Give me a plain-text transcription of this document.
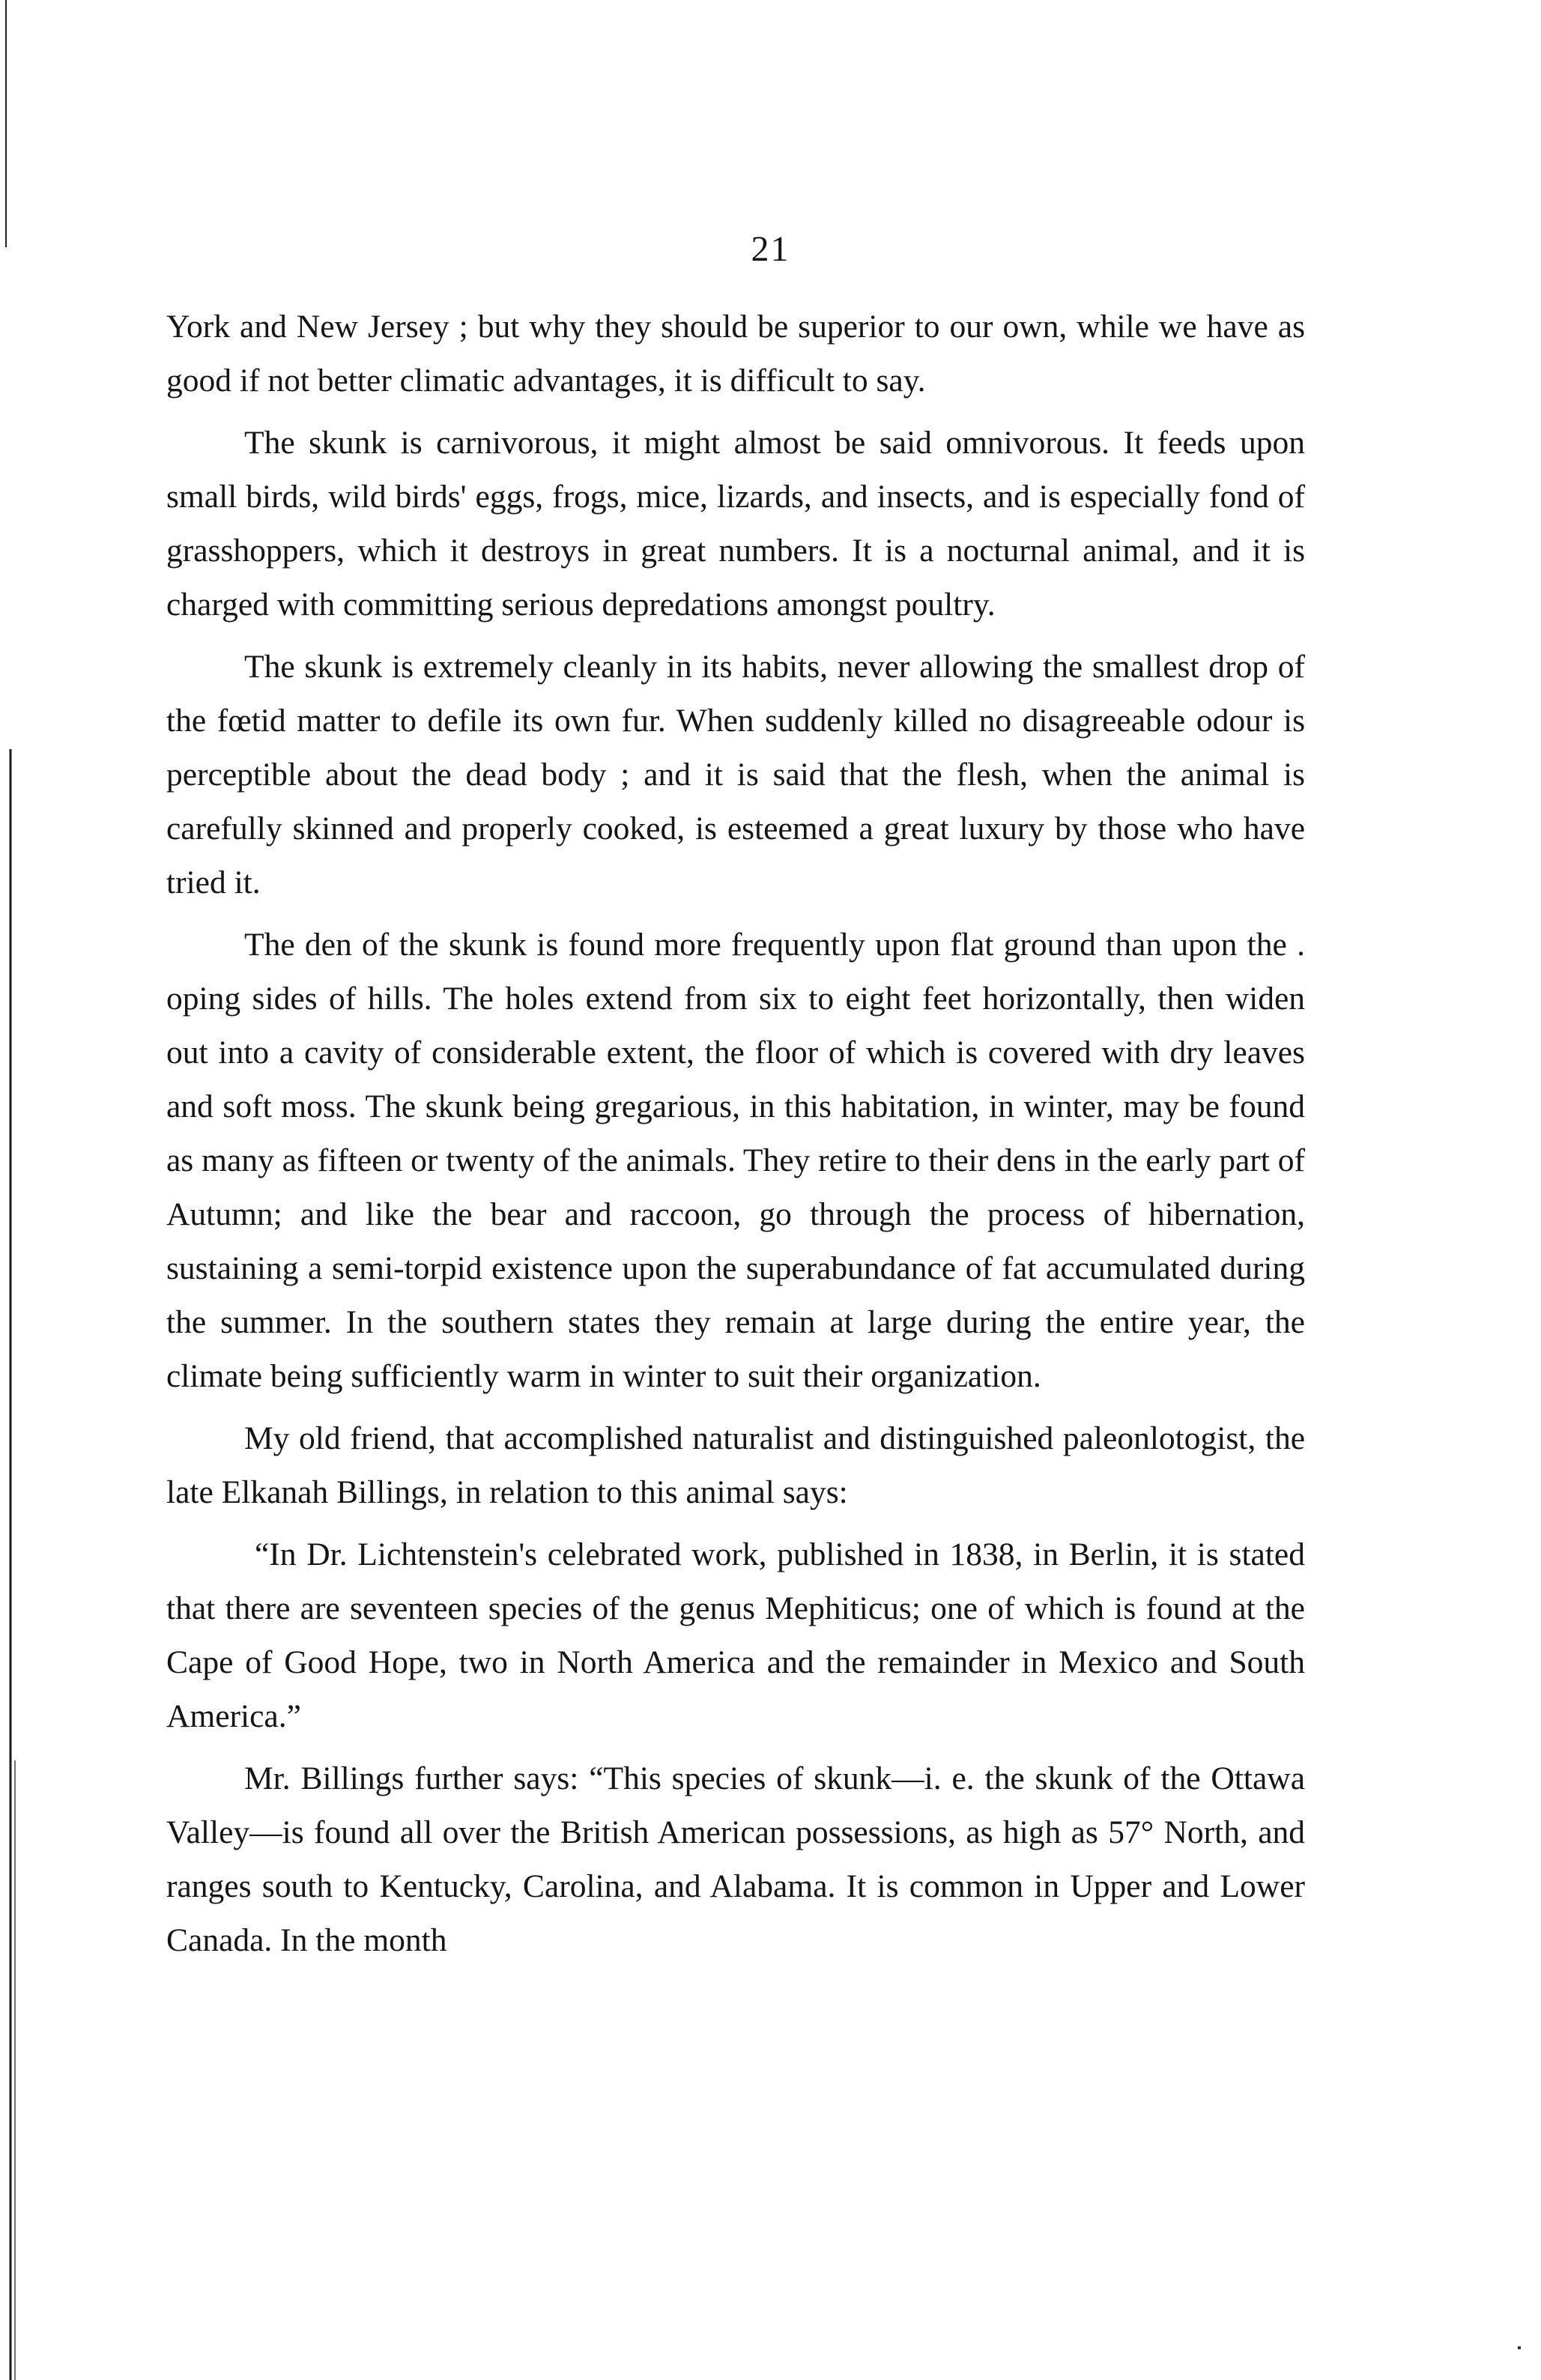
21

York and New Jersey ; but why they should be superior to our own, while we have as good if not better climatic advantages, it is difficult to say.

The skunk is carnivorous, it might almost be said omnivorous. It feeds upon small birds, wild birds' eggs, frogs, mice, lizards, and insects, and is especially fond of grasshoppers, which it destroys in great numbers. It is a nocturnal animal, and it is charged with committing serious depredations amongst poultry.

The skunk is extremely cleanly in its habits, never allowing the smallest drop of the fœtid matter to defile its own fur. When suddenly killed no disagreeable odour is perceptible about the dead body ; and it is said that the flesh, when the animal is carefully skinned and properly cooked, is esteemed a great luxury by those who have tried it.

The den of the skunk is found more frequently upon flat ground than upon the . oping sides of hills. The holes extend from six to eight feet horizontally, then widen out into a cavity of considerable extent, the floor of which is covered with dry leaves and soft moss. The skunk being gregarious, in this habitation, in winter, may be found as many as fifteen or twenty of the animals. They retire to their dens in the early part of Autumn; and like the bear and raccoon, go through the process of hibernation, sustaining a semi-torpid existence upon the superabundance of fat accumulated during the summer. In the southern states they remain at large during the entire year, the climate being sufficiently warm in winter to suit their organization.

My old friend, that accomplished naturalist and distinguished paleonlotogist, the late Elkanah Billings, in relation to this animal says:

“In Dr. Lichtenstein's celebrated work, published in 1838, in Berlin, it is stated that there are seventeen species of the genus Mephiticus; one of which is found at the Cape of Good Hope, two in North America and the remainder in Mexico and South America.”

Mr. Billings further says: “This species of skunk—i. e. the skunk of the Ottawa Valley—is found all over the British American possessions, as high as 57° North, and ranges south to Kentucky, Carolina, and Alabama. It is common in Upper and Lower Canada. In the month
